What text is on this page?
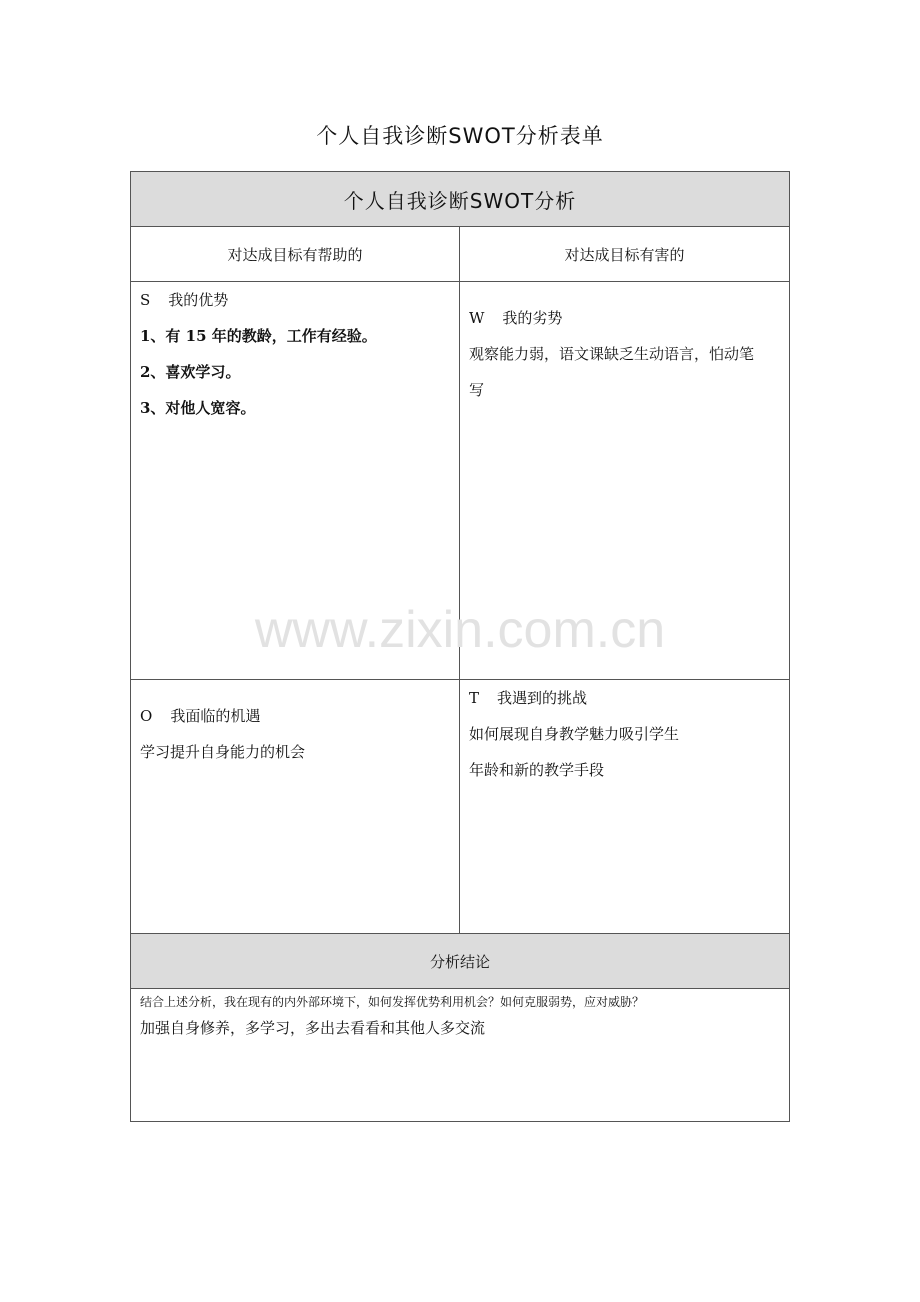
个人自我诊断SWOT分析表单
个人自我诊断SWOT分析
对达成目标有帮助的	对达成目标有害的
S 我的优势
1、有 15 年的教龄，工作有经验。
2、喜欢学习。
3、对他人宽容。
W 我的劣势
观察能力弱，语文课缺乏生动语言，怕动笔
写
O 我面临的机遇
学习提升自身能力的机会
T 我遇到的挑战
如何展现自身教学魅力吸引学生
年龄和新的教学手段
分析结论
结合上述分析，我在现有的内外部环境下，如何发挥优势利用机会？如何克服弱势，应对威胁？
加强自身修养，多学习，多出去看看和其他人多交流
www.zixin.com.cn
